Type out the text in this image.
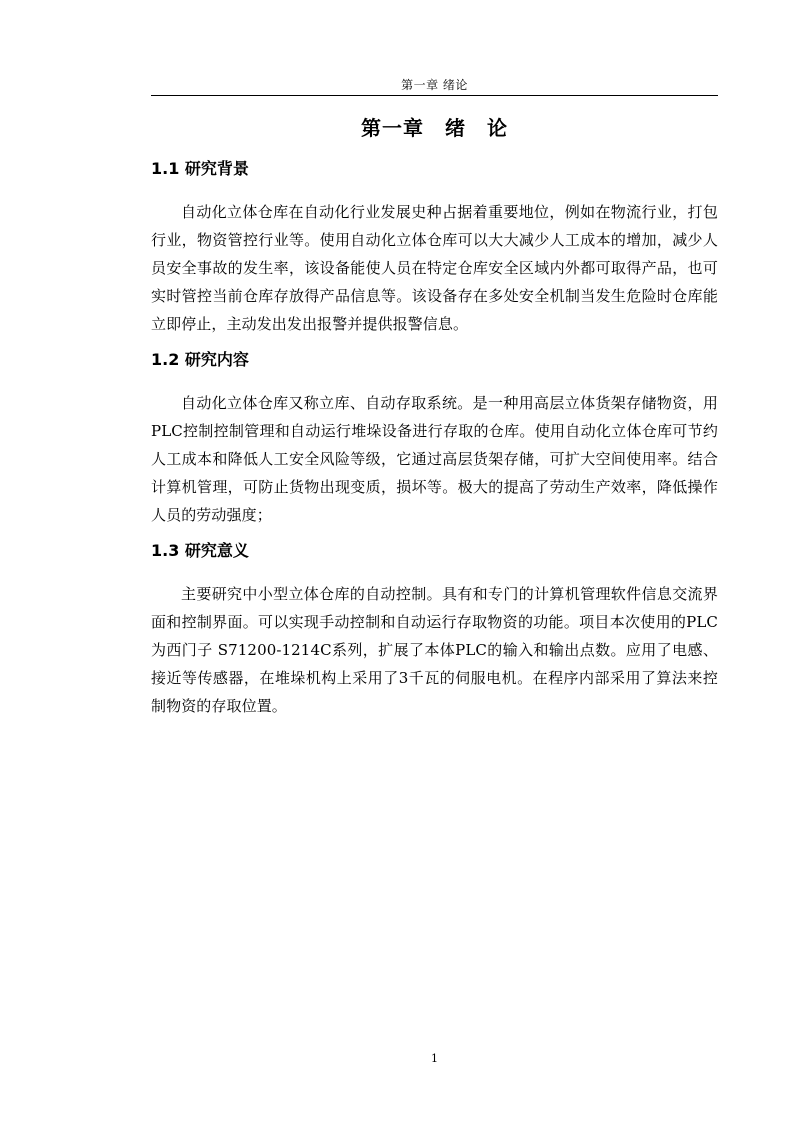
第一章 绪论
第一章　绪　论
1.1 研究背景

自动化立体仓库在自动化行业发展史种占据着重要地位，例如在物流行业，打包行业，物资管控行业等。使用自动化立体仓库可以大大减少人工成本的增加，减少人员安全事故的发生率，该设备能使人员在特定仓库安全区域内外都可取得产品，也可实时管控当前仓库存放得产品信息等。该设备存在多处安全机制当发生危险时仓库能立即停止，主动发出发出报警并提供报警信息。

1.2 研究内容

自动化立体仓库又称立库、自动存取系统。是一种用高层立体货架存储物资，用PLC控制控制管理和自动运行堆垛设备进行存取的仓库。使用自动化立体仓库可节约人工成本和降低人工安全风险等级，它通过高层货架存储，可扩大空间使用率。结合计算机管理，可防止货物出现变质，损坏等。极大的提高了劳动生产效率，降低操作人员的劳动强度；

1.3 研究意义

主要研究中小型立体仓库的自动控制。具有和专门的计算机管理软件信息交流界面和控制界面。可以实现手动控制和自动运行存取物资的功能。项目本次使用的PLC为西门子 S71200-1214C系列，扩展了本体PLC的输入和输出点数。应用了电感、接近等传感器，在堆垛机构上采用了3千瓦的伺服电机。在程序内部采用了算法来控制物资的存取位置。

1
